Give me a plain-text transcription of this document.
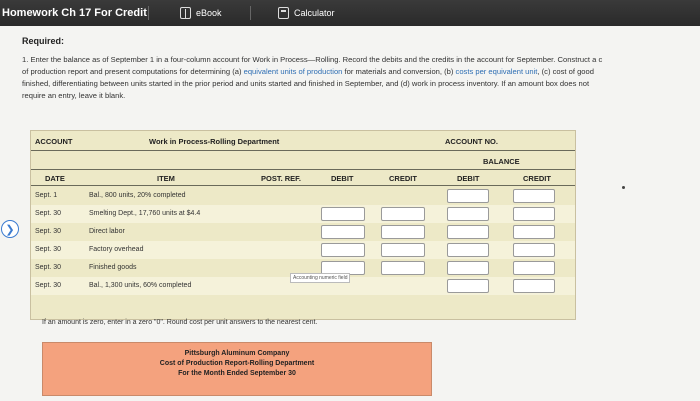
Homework Ch 17 For Credit	eBook	Calculator
Required:
1. Enter the balance as of September 1 in a four-column account for Work in Process—Rolling. Record the debits and the credits in the account for September. Construct a c
of production report and present computations for determining (a) equivalent units of production for materials and conversion, (b) costs per equivalent unit, (c) cost of good
finished, differentiating between units started in the prior period and units started and finished in September, and (d) work in process inventory. If an amount box does not
require an entry, leave it blank.
❯
ACCOUNT	Work in Process-Rolling Department	ACCOUNT NO.
BALANCE
DATE	ITEM	POST. REF.	DEBIT	CREDIT	DEBIT	CREDIT
Sept. 1	Bal., 800 units, 20% completed
Sept. 30	Smelting Dept., 17,760 units at $4.4
Sept. 30	Direct labor
Sept. 30	Factory overhead
Sept. 30	Finished goods
Sept. 30	Bal., 1,300 units, 60% completed
Accounting numeric field
If an amount is zero, enter in a zero "0". Round cost per unit answers to the nearest cent.
Pittsburgh Aluminum Company
Cost of Production Report-Rolling Department
For the Month Ended September 30
